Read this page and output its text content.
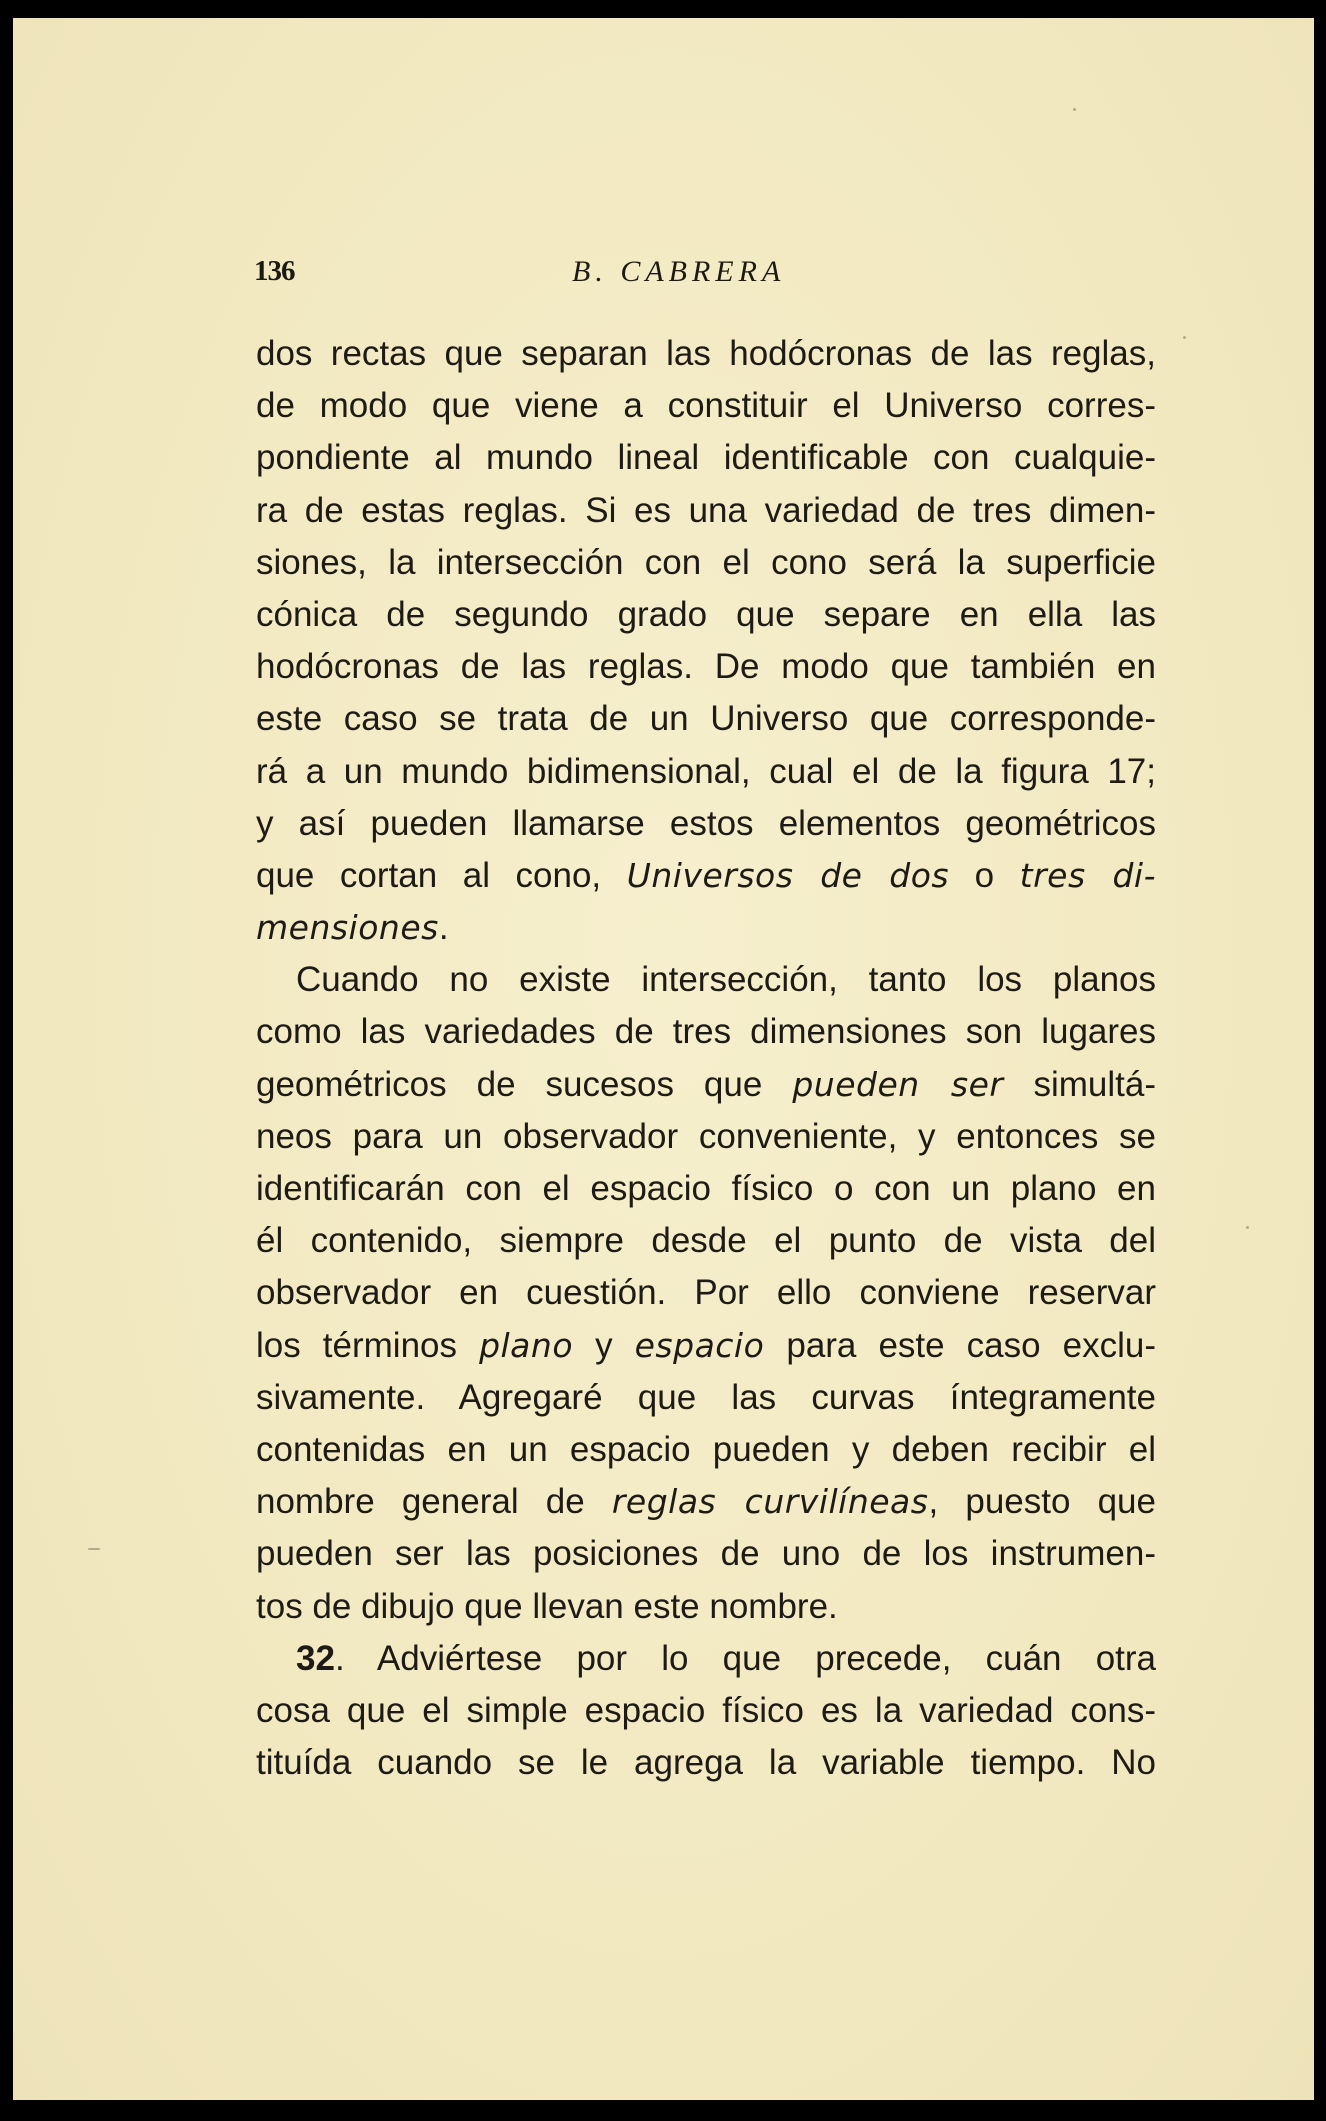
136	B. CABRERA
dos rectas que separan las hodócronas de las reglas,
de modo que viene a constituir el Universo corres-
pondiente al mundo lineal identificable con cualquie-
ra de estas reglas. Si es una variedad de tres dimen-
siones, la intersección con el cono será la superficie
cónica de segundo grado que separe en ella las
hodócronas de las reglas. De modo que también en
este caso se trata de un Universo que corresponde-
rá a un mundo bidimensional, cual el de la figura 17;
y así pueden llamarse estos elementos geométricos
que cortan al cono, Universos de dos o tres di-
mensiones.
Cuando no existe intersección, tanto los planos
como las variedades de tres dimensiones son lugares
geométricos de sucesos que pueden ser simultá-
neos para un observador conveniente, y entonces se
identificarán con el espacio físico o con un plano en
él contenido, siempre desde el punto de vista del
observador en cuestión. Por ello conviene reservar
los términos plano y espacio para este caso exclu-
sivamente. Agregaré que las curvas íntegramente
contenidas en un espacio pueden y deben recibir el
nombre general de reglas curvilíneas, puesto que
pueden ser las posiciones de uno de los instrumen-
tos de dibujo que llevan este nombre.
32. Adviértese por lo que precede, cuán otra
cosa que el simple espacio físico es la variedad cons-
tituída cuando se le agrega la variable tiempo. No
